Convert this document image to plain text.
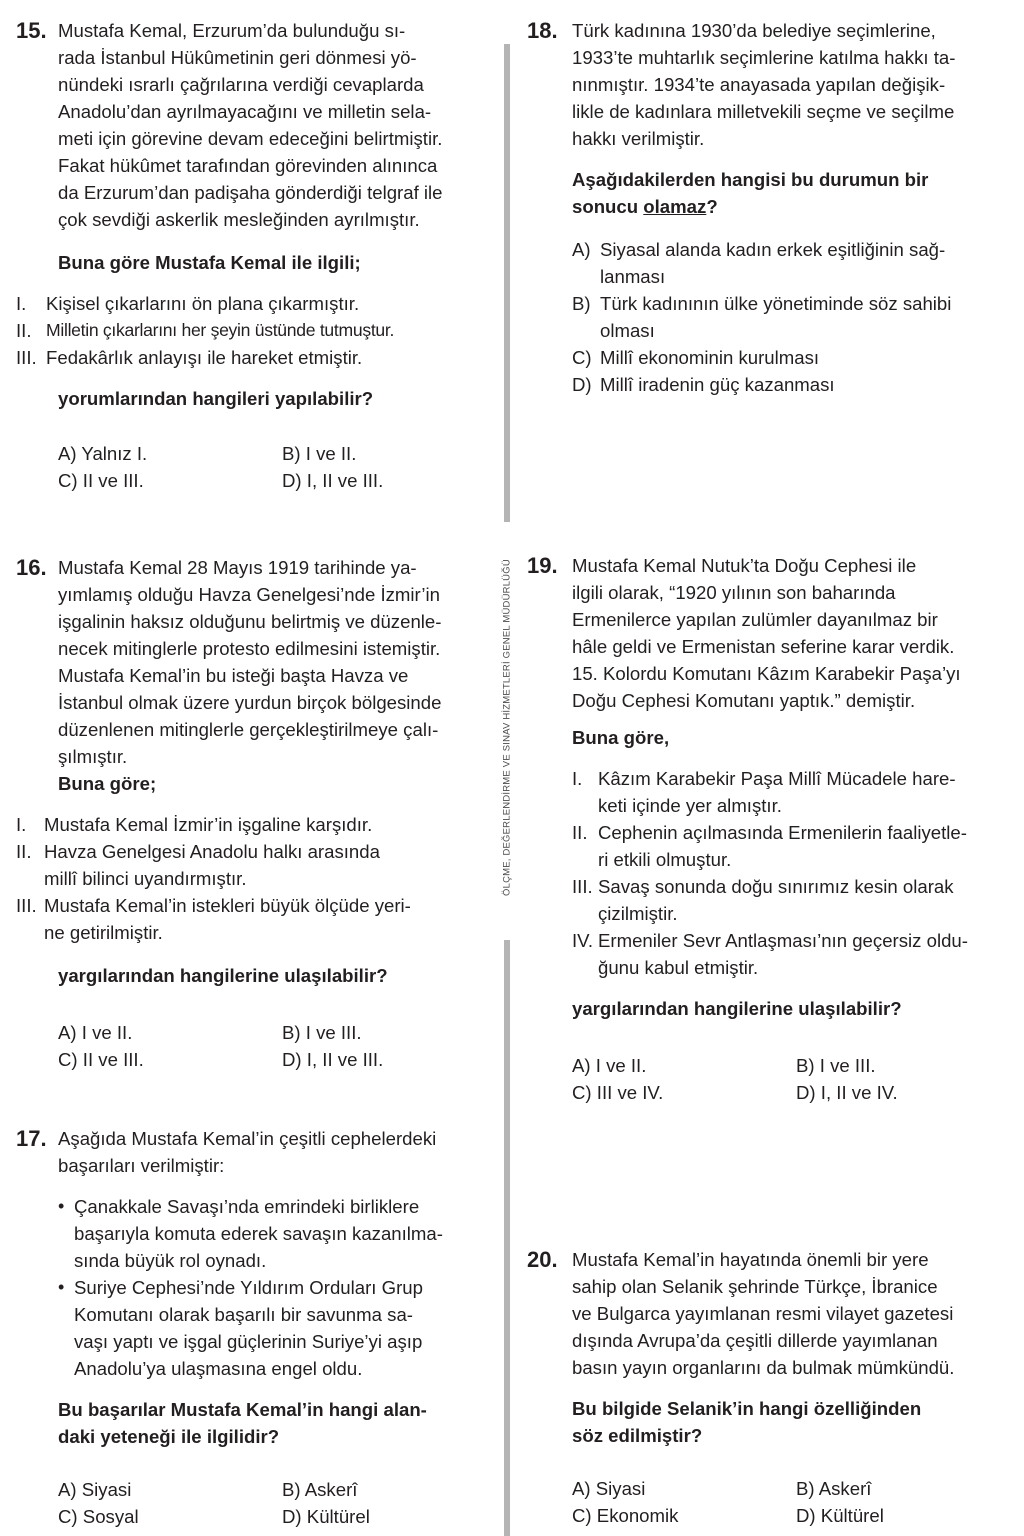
ÖLÇME, DEĞERLENDİRME VE SINAV HİZMETLERİ GENEL MÜDÜRLÜĞÜ
15. Mustafa Kemal, Erzurum’da bulunduğu sı-

rada İstanbul Hükûmetinin geri dönmesi yö-

nündeki ısrarlı çağrılarına verdiği cevaplarda

Anadolu’dan ayrılmayacağını ve milletin sela-

meti için görevine devam edeceğini belirtmiştir.

Fakat hükûmet tarafından görevinden alınınca

da Erzurum’dan padişaha gönderdiği telgraf ile

çok sevdiği askerlik mesleğinden ayrılmıştır.

Buna göre Mustafa Kemal ile ilgili;

I.	Kişisel çıkarlarını ön plana çıkarmıştır.
II. Milletin çıkarlarını her şeyin üstünde tutmuştur.
III. Fedakârlık anlayışı ile hareket etmiştir.

yorumlarından hangileri yapılabilir?

A) Yalnız I.	B) I ve II.
C) II ve III.	D) I, II ve III.
16. Mustafa Kemal 28 Mayıs 1919 tarihinde ya-

yımlamış olduğu Havza Genelgesi’nde İzmir’in

işgalinin haksız olduğunu belirtmiş ve düzenle-

necek mitinglerle protesto edilmesini istemiştir.

Mustafa Kemal’in bu isteği başta Havza ve

İstanbul olmak üzere yurdun birçok bölgesinde

düzenlenen mitinglerle gerçekleştirilmeye çalı-

şılmıştır.

Buna göre;

I. Mustafa Kemal İzmir’in işgaline karşıdır.
II. Havza Genelgesi Anadolu halkı arasında
millî bilinci uyandırmıştır.
III. Mustafa Kemal’in istekleri büyük ölçüde yeri-
ne getirilmiştir.

yargılarından hangilerine ulaşılabilir?

A) I ve II.	B) I ve III.
C) II ve III.	D) I, II ve III.
17. Aşağıda Mustafa Kemal’in çeşitli cephelerdeki

başarıları verilmiştir:

• Çanakkale Savaşı’nda emrindeki birliklere
başarıyla komuta ederek savaşın kazanılma-
sında büyük rol oynadı.
• Suriye Cephesi’nde Yıldırım Orduları Grup
Komutanı olarak başarılı bir savunma sa-
vaşı yaptı ve işgal güçlerinin Suriye’yi aşıp
Anadolu’ya ulaşmasına engel oldu.

Bu başarılar Mustafa Kemal’in hangi alan-

daki yeteneği ile ilgilidir?

A) Siyasi	B) Askerî
C) Sosyal	D) Kültürel
18. Türk kadınına 1930’da belediye seçimlerine,

1933’te muhtarlık seçimlerine katılma hakkı ta-

nınmıştır. 1934’te anayasada yapılan değişik-

likle de kadınlara milletvekili seçme ve seçilme

hakkı verilmiştir.

Aşağıdakilerden hangisi bu durumun bir

sonucu olamaz?

A) Siyasal alanda kadın erkek eşitliğinin sağ-
lanması
B) Türk kadınının ülke yönetiminde söz sahibi
olması
C) Millî ekonominin kurulması
D) Millî iradenin güç kazanması
19. Mustafa Kemal Nutuk’ta Doğu Cephesi ile

ilgili olarak, “1920 yılının son baharında

Ermenilerce yapılan zulümler dayanılmaz bir

hâle geldi ve Ermenistan seferine karar verdik.

15. Kolordu Komutanı Kâzım Karabekir Paşa’yı

Doğu Cephesi Komutanı yaptık.” demiştir.

Buna göre,

I. Kâzım Karabekir Paşa Millî Mücadele hare-
keti içinde yer almıştır.
II. Cephenin açılmasında Ermenilerin faaliyetle-
ri etkili olmuştur.
III. Savaş sonunda doğu sınırımız kesin olarak
çizilmiştir.
IV. Ermeniler Sevr Antlaşması’nın geçersiz oldu-
ğunu kabul etmiştir.

yargılarından hangilerine ulaşılabilir?

A) I ve II.	B) I ve III.
C) III ve IV.	D) I, II ve IV.
20. Mustafa Kemal’in hayatında önemli bir yere

sahip olan Selanik şehrinde Türkçe, İbranice

ve Bulgarca yayımlanan resmi vilayet gazetesi

dışında Avrupa’da çeşitli dillerde yayımlanan

basın yayın organlarını da bulmak mümkündü.

Bu bilgide Selanik’in hangi özelliğinden

söz edilmiştir?

A) Siyasi	B) Askerî
C) Ekonomik	D) Kültürel
